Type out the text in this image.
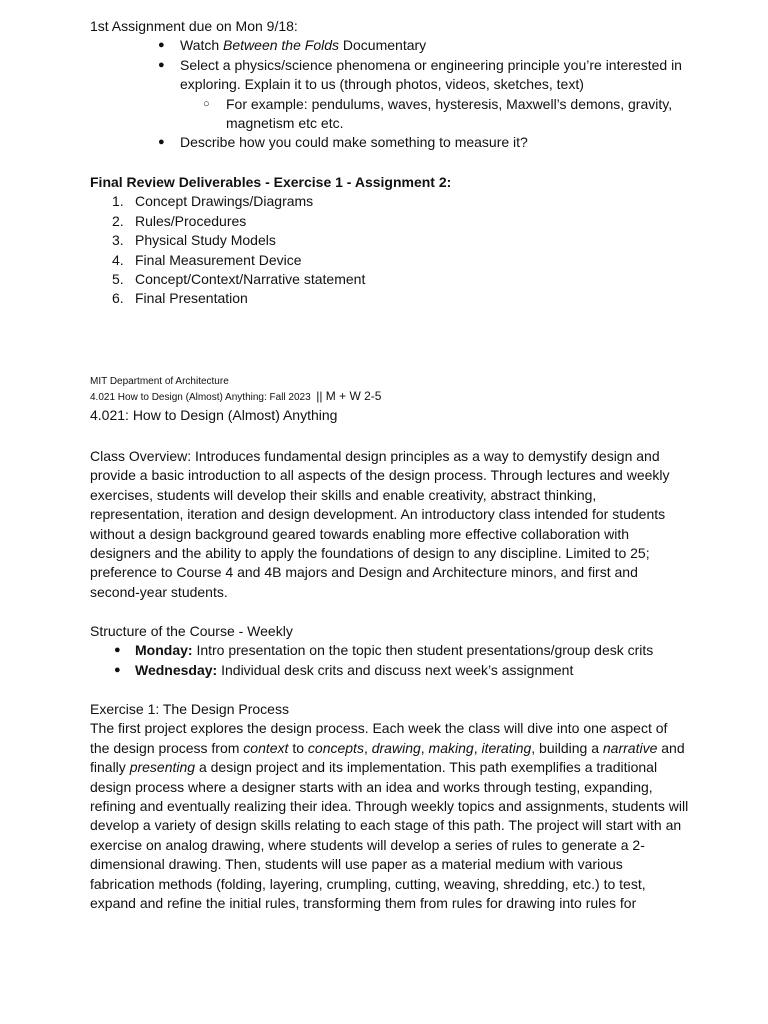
1st Assignment due on Mon 9/18:

● Watch Between the Folds Documentary
● Select a physics/science phenomena or engineering principle you’re interested in exploring. Explain it to us (through photos, videos, sketches, text)
○ For example: pendulums, waves, hysteresis, Maxwell’s demons, gravity, magnetism etc etc.
● Describe how you could make something to measure it?

Final Review Deliverables - Exercise 1 - Assignment 2:

1. Concept Drawings/Diagrams
2. Rules/Procedures
3. Physical Study Models
4. Final Measurement Device
5. Concept/Context/Narrative statement
6. Final Presentation

MIT Department of Architecture

4.021 How to Design (Almost) Anything: Fall 2023 || M + W 2-5

4.021: How to Design (Almost) Anything

Class Overview: Introduces fundamental design principles as a way to demystify design and provide a basic introduction to all aspects of the design process. Through lectures and weekly exercises, students will develop their skills and enable creativity, abstract thinking, representation, iteration and design development. An introductory class intended for students without a design background geared towards enabling more effective collaboration with designers and the ability to apply the foundations of design to any discipline. Limited to 25; preference to Course 4 and 4B majors and Design and Architecture minors, and first and second-year students.

Structure of the Course - Weekly

● Monday: Intro presentation on the topic then student presentations/group desk crits
● Wednesday: Individual desk crits and discuss next week’s assignment

Exercise 1: The Design Process

The first project explores the design process. Each week the class will dive into one aspect of the design process from context to concepts, drawing, making, iterating, building a narrative and finally presenting a design project and its implementation. This path exemplifies a traditional design process where a designer starts with an idea and works through testing, expanding, refining and eventually realizing their idea. Through weekly topics and assignments, students will develop a variety of design skills relating to each stage of this path. The project will start with an exercise on analog drawing, where students will develop a series of rules to generate a 2-dimensional drawing. Then, students will use paper as a material medium with various fabrication methods (folding, layering, crumpling, cutting, weaving, shredding, etc.) to test, expand and refine the initial rules, transforming them from rules for drawing into rules for
